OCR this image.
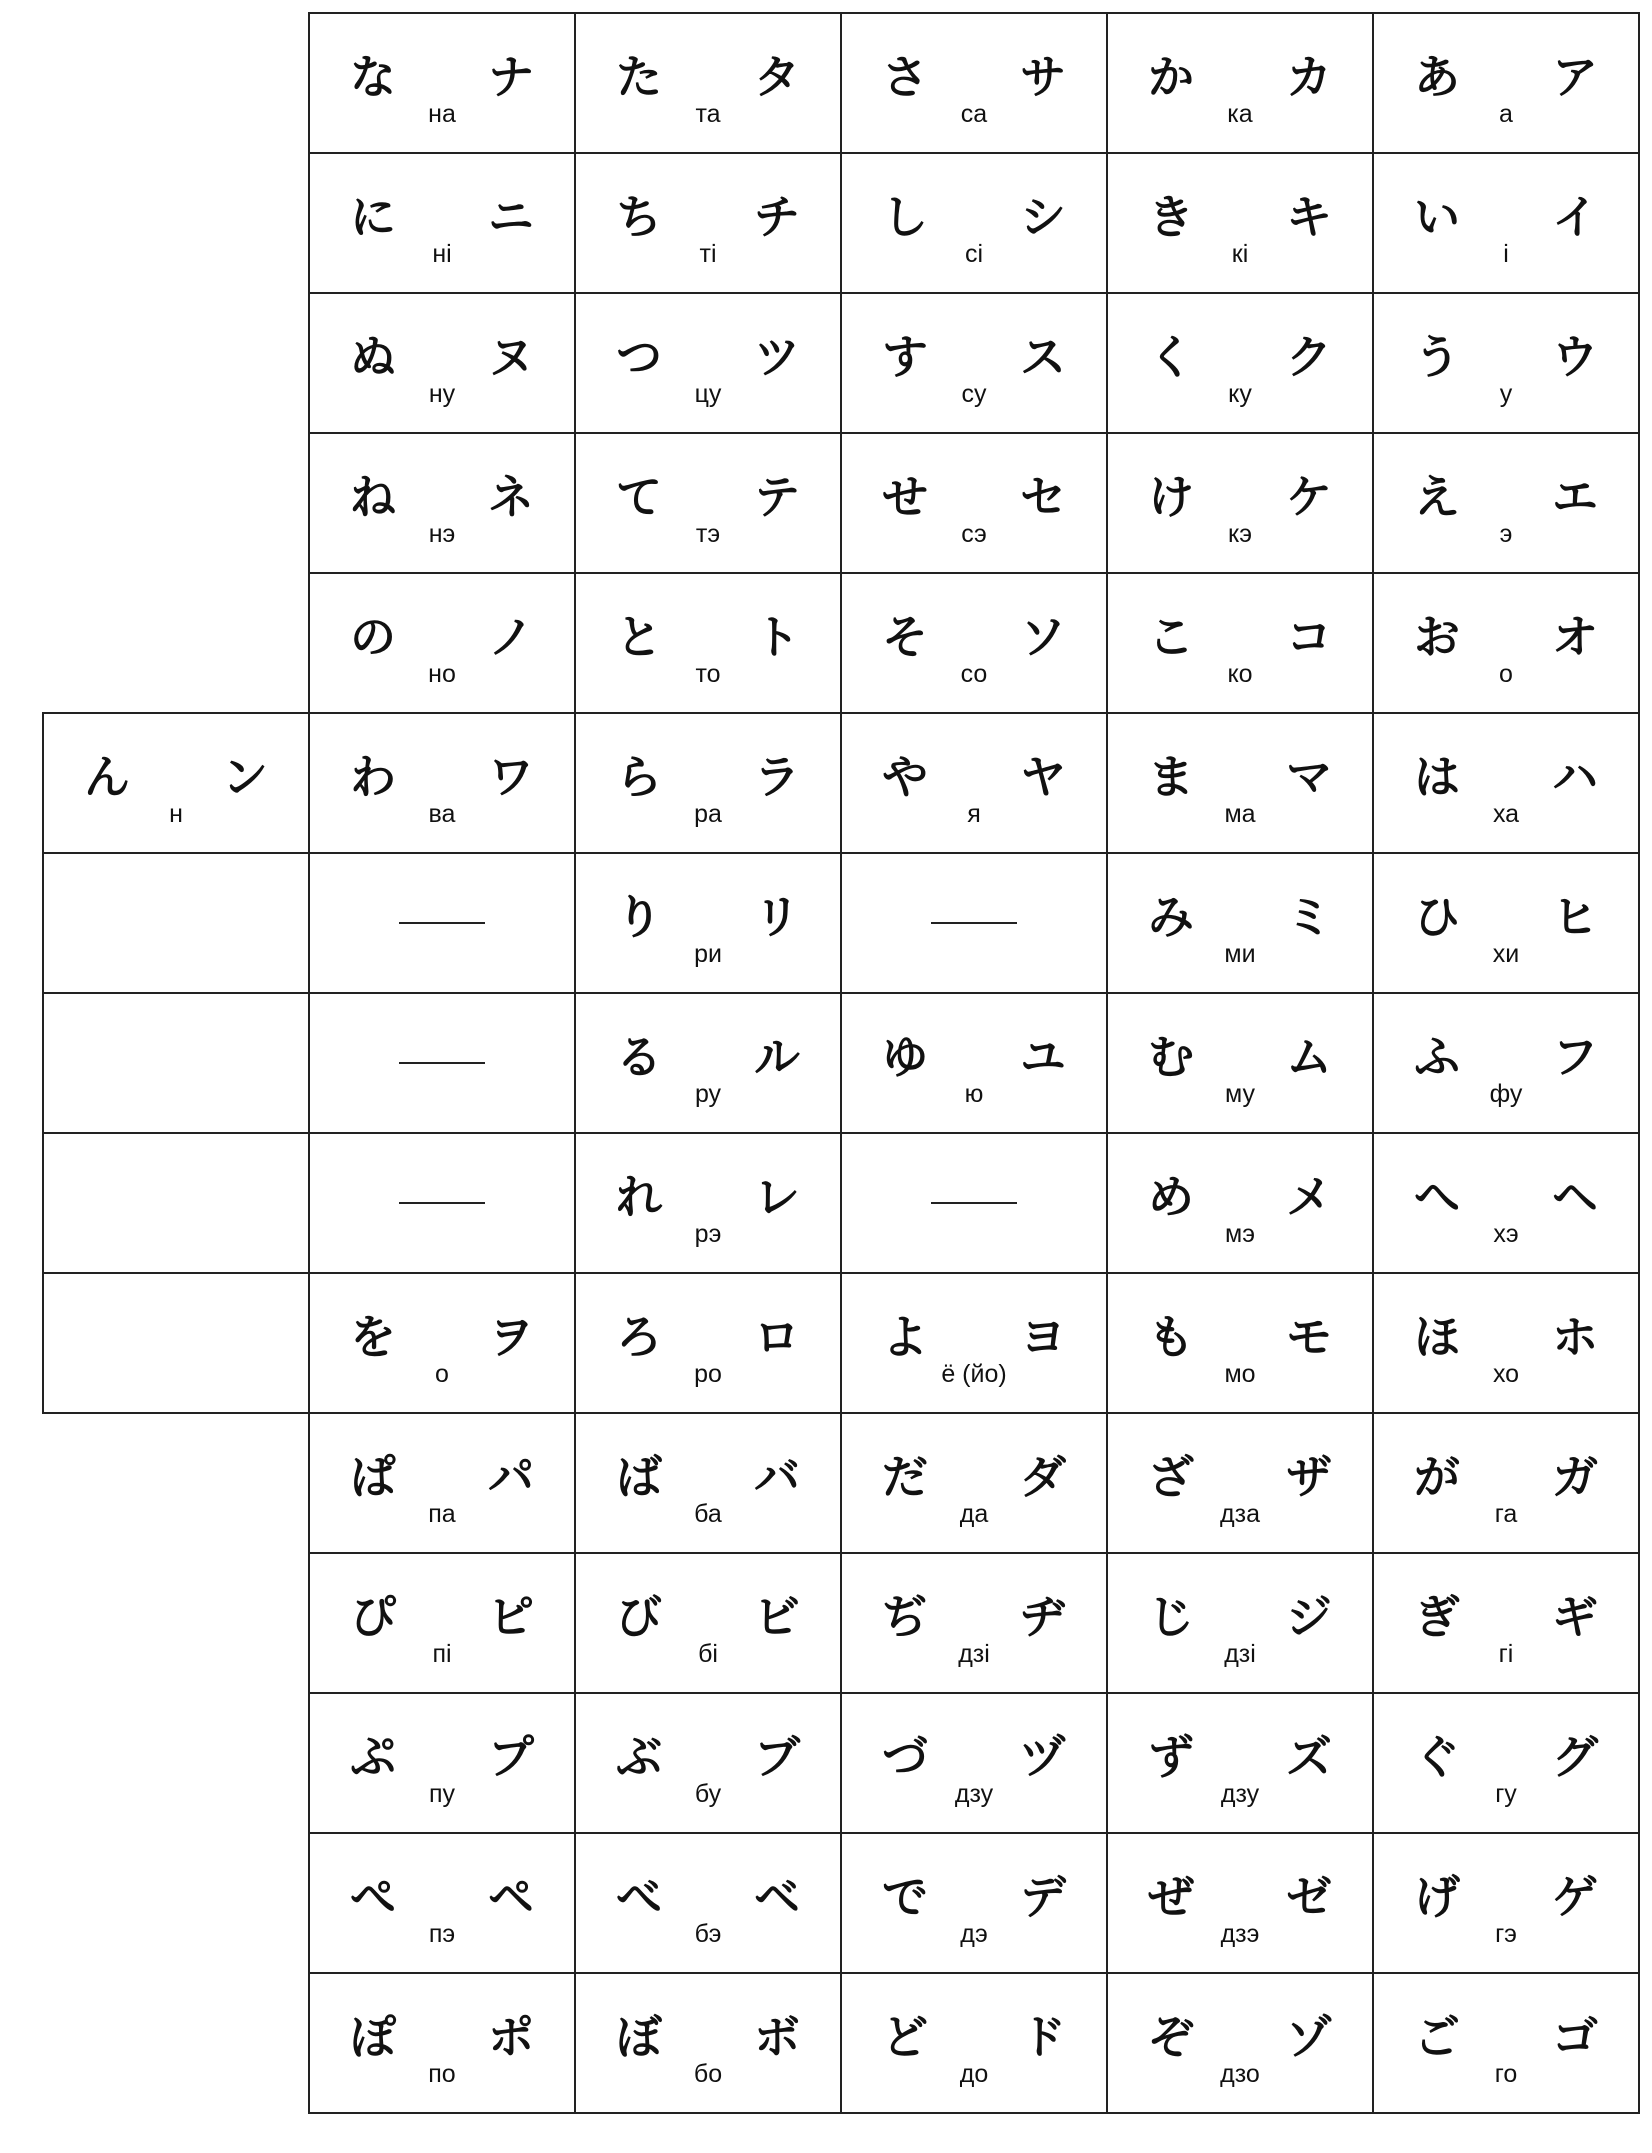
な
на
ナ た
та
タ さ
са
サ か
ка
カ あ
а
ア
に
ні
ニ ち
ті
チ し
сі
シ き
кі
キ い
і
イ
ぬ
ну
ヌ つ
цу
ツ す
су
ス く
ку
ク う
у
ウ
ね
нэ
ネ て
тэ
テ せ
сэ
セ け
кэ
ケ え
э
エ
の
но
ノ と
то
ト そ
со
ソ こ
ко
コ お
о
オ
ん
н
ン わ
ва
ワ ら
ра
ラ や
я
ヤ ま
ма
マ は
ха
ハ
り
ри
リ	み
ми
ミ ひ
хи
ヒ
る
ру
ル ゆ
ю
ユ む
му
ム ふ
фу
フ
れ
рэ
レ	め
мэ
メ へ
хэ
ヘ
を
о
ヲ ろ
ро
ロ よ
ё (йо)
ヨ も
мо
モ ほ
хо
ホ
ぱ
па
パ ば
ба
バ だ
да
ダ ざ
дза
ザ が
га
ガ
ぴ
пі
ピ び
бі
ビ ぢ
дзі
ヂ じ
дзі
ジ ぎ
гі
ギ
ぷ
пу
プ ぶ
бу
ブ づ
дзу
ヅ ず
дзу
ズ ぐ
гу
グ
ぺ
пэ
ペ べ
бэ
ベ で
дэ
デ ぜ
дзэ
ゼ げ
гэ
ゲ
ぽ
по
ポ ぼ
бо
ボ ど
до
ド ぞ
дзо
ゾ ご
го
ゴ
